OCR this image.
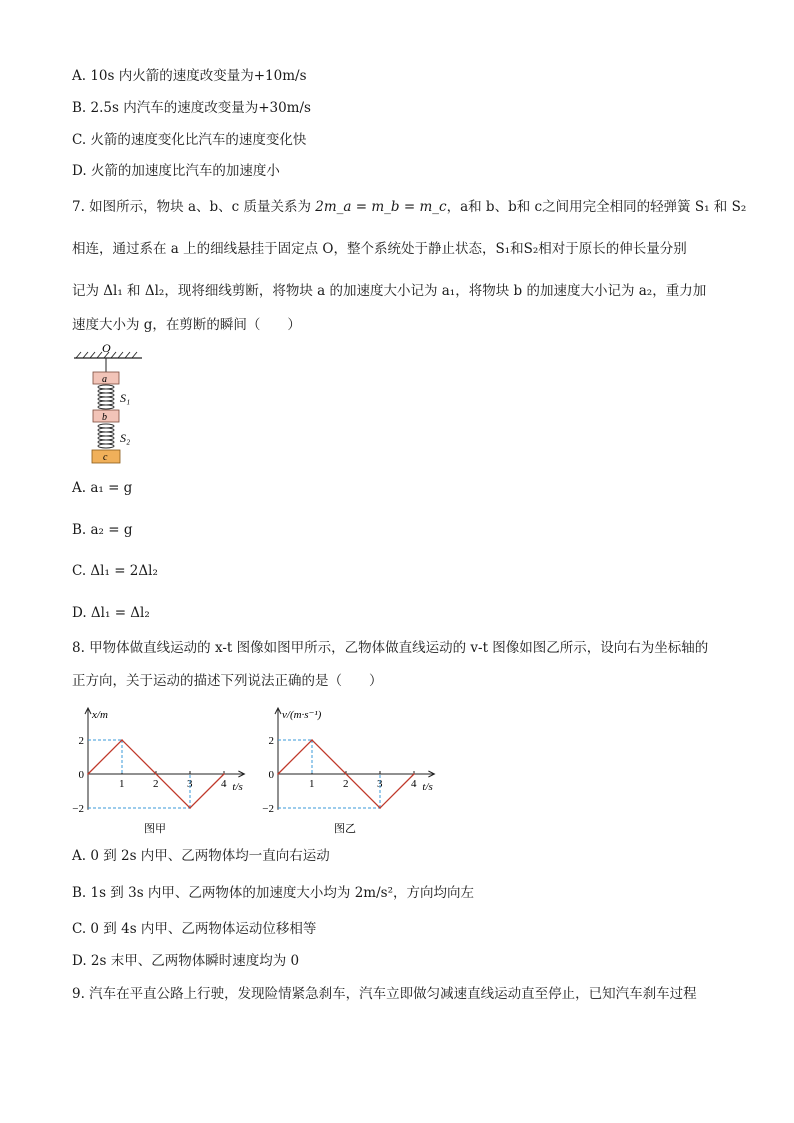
A. 10s 内火箭的速度改变量为+10m/s
B. 2.5s 内汽车的速度改变量为+30m/s
C. 火箭的速度变化比汽车的速度变化快
D. 火箭的加速度比汽车的加速度小
7. 如图所示，物块 a、b、c 质量关系为 2m_a = m_b = m_c，a和 b、b和 c之间用完全相同的轻弹簧 S₁ 和 S₂
相连，通过系在 a 上的细线悬挂于固定点 O，整个系统处于静止状态，S₁和S₂相对于原长的伸长量分别
记为 Δl₁ 和 Δl₂，现将细线剪断，将物块 a 的加速度大小记为 a₁，将物块 b 的加速度大小记为 a₂，重力加
速度大小为 g，在剪断的瞬间（　　）
O
a
S₁
b
S₂
c
A. a₁ = g
B. a₂ = g
C. Δl₁ = 2Δl₂
D. Δl₁ = Δl₂
8. 甲物体做直线运动的 x-t 图像如图甲所示，乙物体做直线运动的 v-t 图像如图乙所示，设向右为坐标轴的
正方向，关于运动的描述下列说法正确的是（　　）
x/m
t/s
2
0
−2
1	2	3	4
图甲
v/(m·s⁻¹)
t/s
2
0
−2
1	2	3	4
图乙
A. 0 到 2s 内甲、乙两物体均一直向右运动
B. 1s 到 3s 内甲、乙两物体的加速度大小均为 2m/s²，方向均向左
C. 0 到 4s 内甲、乙两物体运动位移相等
D. 2s 末甲、乙两物体瞬时速度均为 0
9. 汽车在平直公路上行驶，发现险情紧急刹车，汽车立即做匀减速直线运动直至停止，已知汽车刹车过程
